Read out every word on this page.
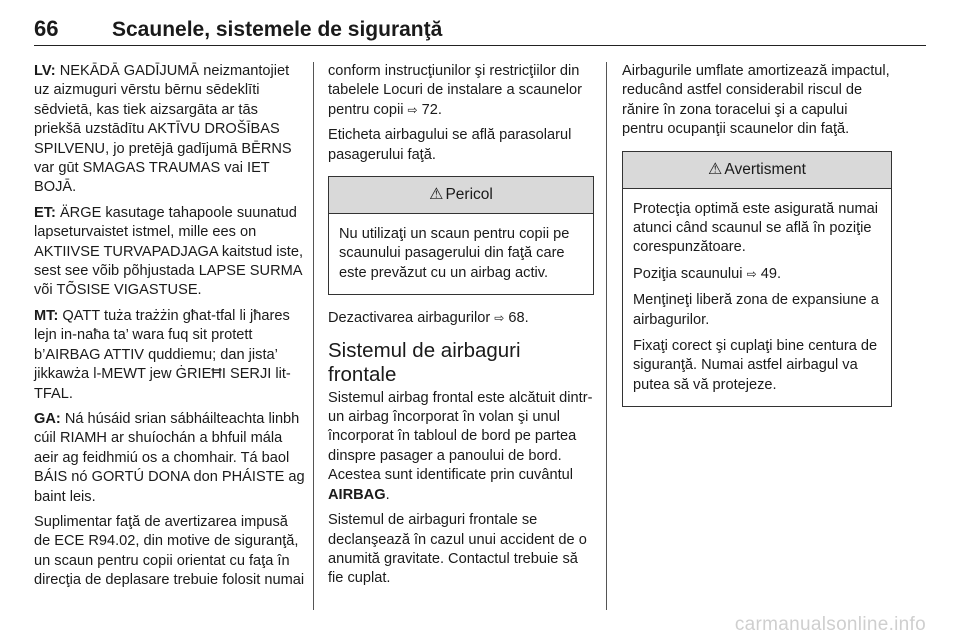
66	Scaunele, sistemele de siguranţă

LV: NEKĀDĀ GADĪJUMĀ neizmantojiet uz aizmuguri vērstu bērnu sēdeklīti sēdvietā, kas tiek aizsargāta ar tās priekšā uzstādītu AKTĪVU DROŠĪBAS SPILVENU, jo pretējā gadījumā BĒRNS var gūt SMAGAS TRAUMAS vai IET BOJĀ.

ET: ÄRGE kasutage tahapoole suunatud lapseturvaistet istmel, mille ees on AKTIIVSE TURVAPADJAGA kaitstud iste, sest see võib põhjustada LAPSE SURMA või TÕSISE VIGASTUSE.

MT: QATT tuża trażżin għat-tfal li jħares lejn in-naħa ta’ wara fuq sit protett b’AIRBAG ATTIV quddiemu; dan jista’ jikkawża l-MEWT jew ĠRIEĦI SERJI lit-TFAL.

GA: Ná húsáid srian sábháilteachta linbh cúil RIAMH ar shuíochán a bhfuil mála aeir ag feidhmiú os a chomhair. Tá baol BÁIS nó GORTÚ DONA don PHÁISTE ag baint leis.

Suplimentar faţă de avertizarea impusă de ECE R94.02, din motive de siguranţă, un scaun pentru copii orientat cu faţa în direcţia de deplasare trebuie folosit numai

conform instrucţiunilor şi restricţiilor din tabelele Locuri de instalare a scaunelor pentru copii ⇨ 72.

Eticheta airbagului se află parasolarul pasagerului faţă.

⚠ Pericol

Nu utilizaţi un scaun pentru copii pe scaunului pasagerului din faţă care este prevăzut cu un airbag activ.

Dezactivarea airbagurilor ⇨ 68.

Sistemul de airbaguri frontale

Sistemul airbag frontal este alcătuit dintr-un airbag încorporat în volan şi unul încorporat în tabloul de bord pe partea dinspre pasager a panoului de bord. Acestea sunt identificate prin cuvântul AIRBAG.

Sistemul de airbaguri frontale se declanşează în cazul unui accident de o anumită gravitate. Contactul trebuie să fie cuplat.

Airbagurile umflate amortizează impactul, reducând astfel considerabil riscul de rănire în zona toracelui şi a capului pentru ocupanţii scaunelor din faţă.

⚠ Avertisment

Protecţia optimă este asigurată numai atunci când scaunul se află în poziţie corespunzătoare.

Poziţia scaunului ⇨ 49.

Menţineţi liberă zona de expansiune a airbagurilor.

Fixaţi corect şi cuplaţi bine centura de siguranţă. Numai astfel airbagul va putea să vă protejeze.

carmanualsonline.info
